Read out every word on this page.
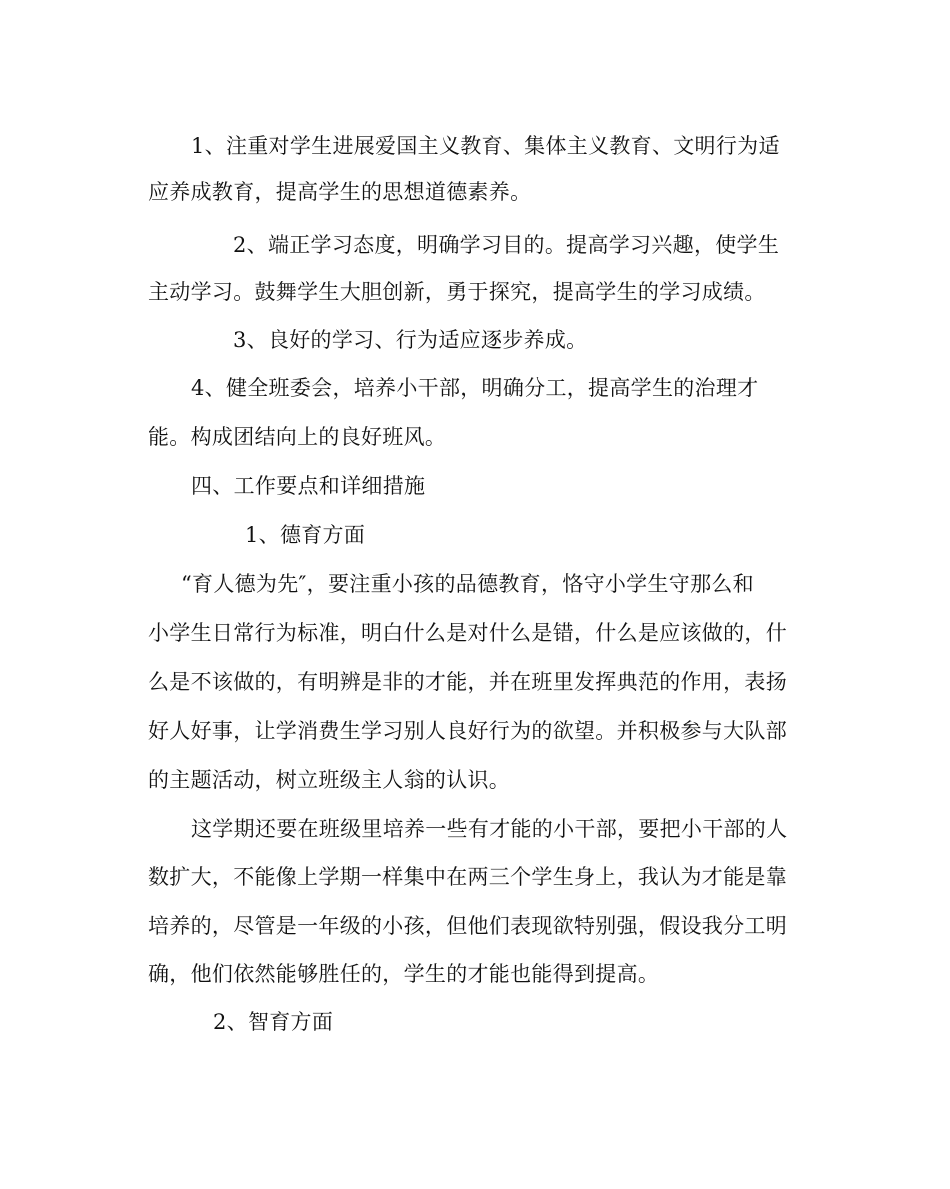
1、注重对学生进展爱国主义教育、集体主义教育、文明行为适
应养成教育，提高学生的思想道德素养。
2、端正学习态度，明确学习目的。提高学习兴趣，使学生
主动学习。鼓舞学生大胆创新，勇于探究，提高学生的学习成绩。
3、良好的学习、行为适应逐步养成。
4、健全班委会，培养小干部，明确分工，提高学生的治理才
能。构成团结向上的良好班风。
四、工作要点和详细措施
1、德育方面
“育人德为先″，要注重小孩的品德教育，恪守小学生守那么和
小学生日常行为标准，明白什么是对什么是错，什么是应该做的，什
么是不该做的，有明辨是非的才能，并在班里发挥典范的作用，表扬
好人好事，让学消费生学习别人良好行为的欲望。并积极参与大队部
的主题活动，树立班级主人翁的认识。
这学期还要在班级里培养一些有才能的小干部，要把小干部的人
数扩大，不能像上学期一样集中在两三个学生身上，我认为才能是靠
培养的，尽管是一年级的小孩，但他们表现欲特别强，假设我分工明
确，他们依然能够胜任的，学生的才能也能得到提高。
2、智育方面
